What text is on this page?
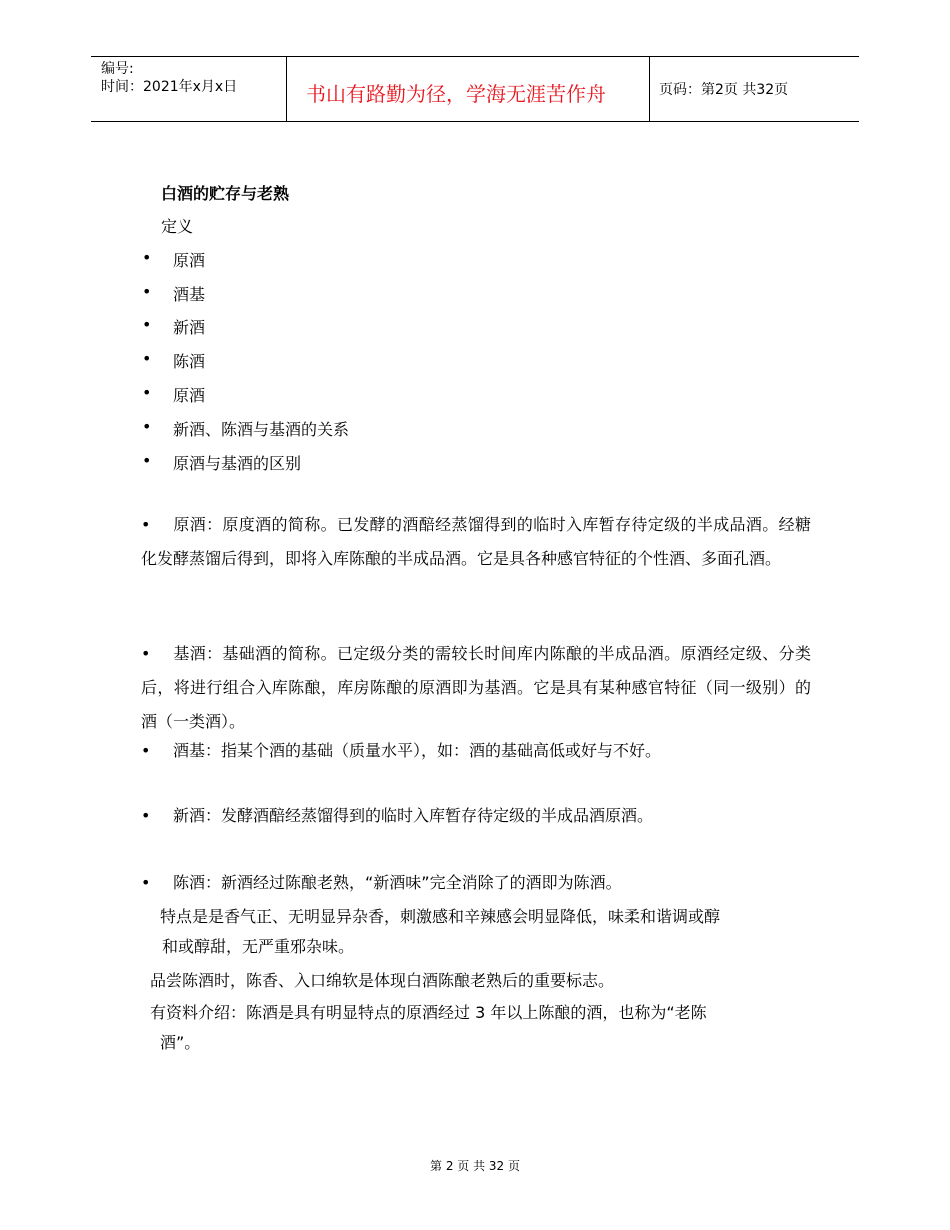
编号:
时间：2021年x月x日	书山有路勤为径，学海无涯苦作舟	页码：第2页 共32页
白酒的贮存与老熟
定义
• 原酒
• 酒基
• 新酒
• 陈酒
• 原酒
• 新酒、陈酒与基酒的关系
• 原酒与基酒的区别
• 原酒：原度酒的简称。已发酵的酒醅经蒸馏得到的临时入库暂存待定级的半成品酒。经糖化发酵蒸馏后得到，即将入库陈酿的半成品酒。它是具各种感官特征的个性酒、多面孔酒。
• 基酒：基础酒的简称。已定级分类的需较长时间库内陈酿的半成品酒。原酒经定级、分类后，将进行组合入库陈酿，库房陈酿的原酒即为基酒。它是具有某种感官特征（同一级别）的酒（一类酒）。
• 酒基：指某个酒的基础（质量水平），如：酒的基础高低或好与不好。
• 新酒：发酵酒醅经蒸馏得到的临时入库暂存待定级的半成品酒原酒。
• 陈酒：新酒经过陈酿老熟，“新酒味”完全消除了的酒即为陈酒。
特点是是香气正、无明显异杂香，刺激感和辛辣感会明显降低，味柔和谐调或醇
和或醇甜，无严重邪杂味。
品尝陈酒时，陈香、入口绵软是体现白酒陈酿老熟后的重要标志。
有资料介绍：陈酒是具有明显特点的原酒经过 3 年以上陈酿的酒，也称为“老陈
酒”。
第 2 页 共 32 页
